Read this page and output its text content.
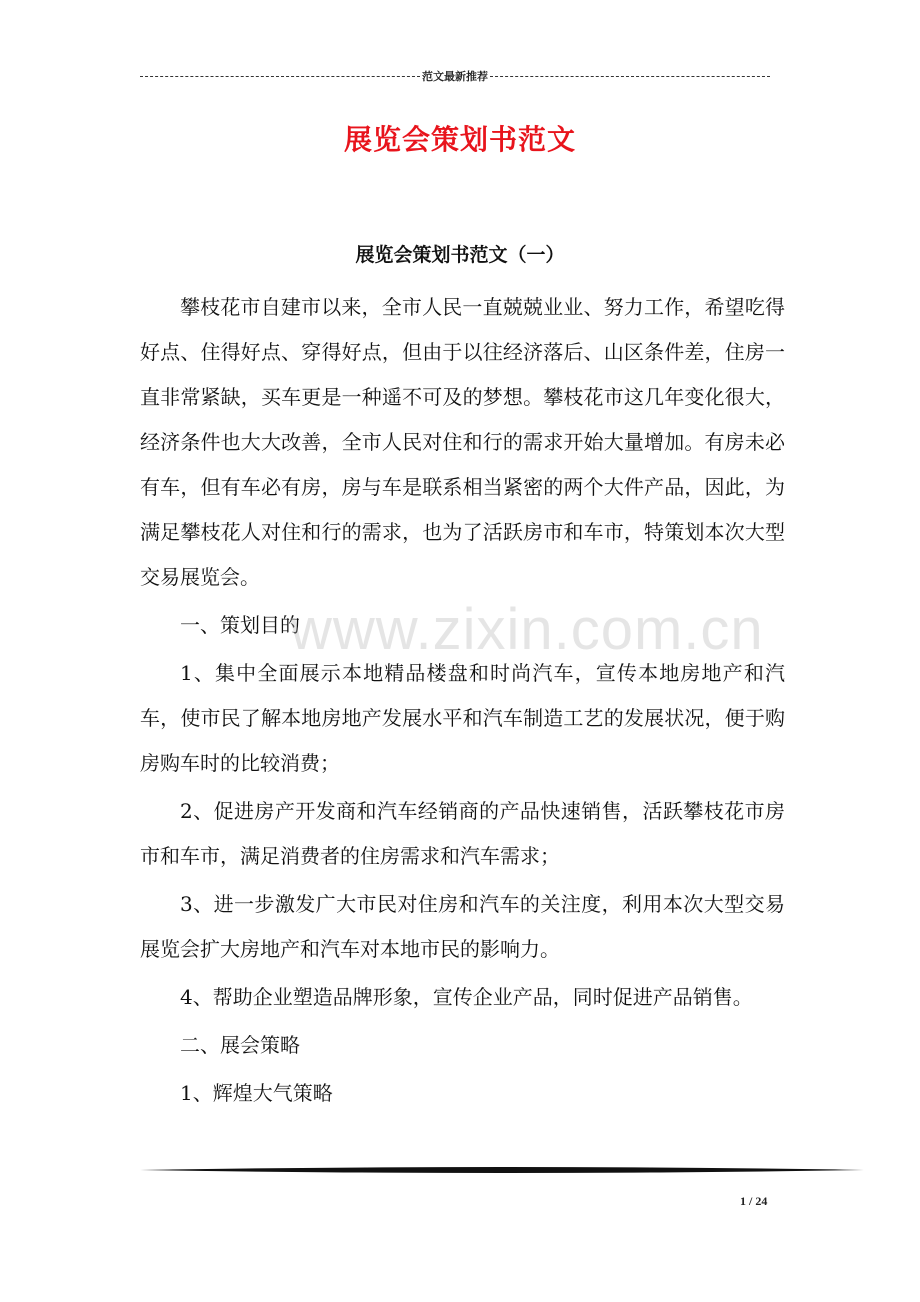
范文最新推荐
展览会策划书范文
展览会策划书范文（一）

攀枝花市自建市以来，全市人民一直兢兢业业、努力工作，希望吃得好点、住得好点、穿得好点，但由于以往经济落后、山区条件差，住房一直非常紧缺，买车更是一种遥不可及的梦想。攀枝花市这几年变化很大，经济条件也大大改善，全市人民对住和行的需求开始大量增加。有房未必有车，但有车必有房，房与车是联系相当紧密的两个大件产品，因此，为满足攀枝花人对住和行的需求，也为了活跃房市和车市，特策划本次大型交易展览会。

一、策划目的

1、集中全面展示本地精品楼盘和时尚汽车，宣传本地房地产和汽车，使市民了解本地房地产发展水平和汽车制造工艺的发展状况，便于购房购车时的比较消费；

2、促进房产开发商和汽车经销商的产品快速销售，活跃攀枝花市房市和车市，满足消费者的住房需求和汽车需求；

3、进一步激发广大市民对住房和汽车的关注度，利用本次大型交易展览会扩大房地产和汽车对本地市民的影响力。

4、帮助企业塑造品牌形象，宣传企业产品，同时促进产品销售。

二、展会策略

1、辉煌大气策略

www.zixin.com.cn
1 / 24
